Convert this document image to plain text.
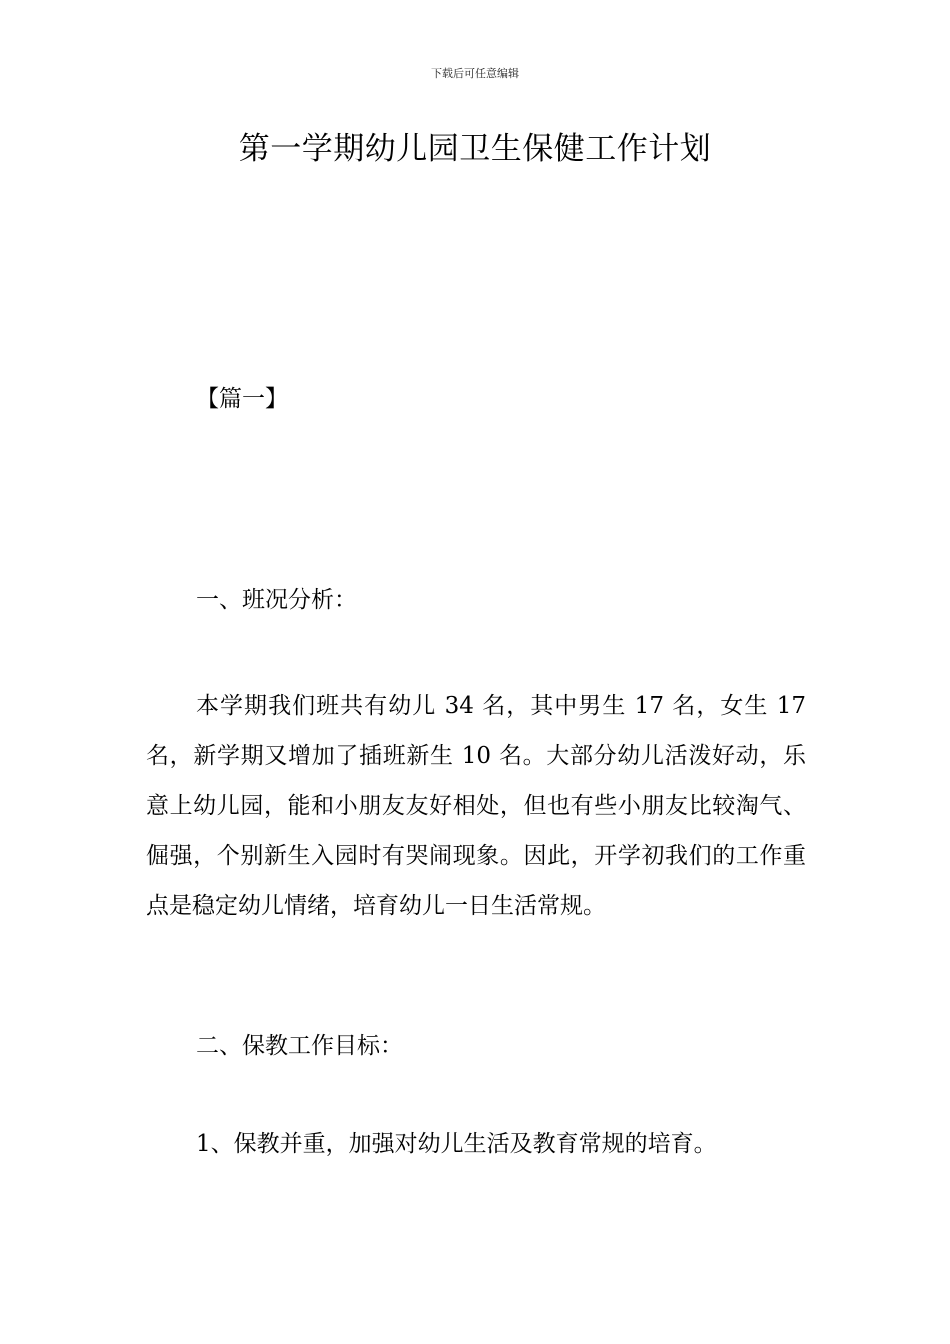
下载后可任意编辑
第一学期幼儿园卫生保健工作计划
【篇一】
一、班况分析：

本学期我们班共有幼儿 34 名，其中男生 17 名，女生 17 名，新学期又增加了插班新生 10 名。大部分幼儿活泼好动，乐意上幼儿园，能和小朋友友好相处，但也有些小朋友比较淘气、倔强，个别新生入园时有哭闹现象。因此，开学初我们的工作重点是稳定幼儿情绪，培育幼儿一日生活常规。

二、保教工作目标：

1、保教并重，加强对幼儿生活及教育常规的培育。
